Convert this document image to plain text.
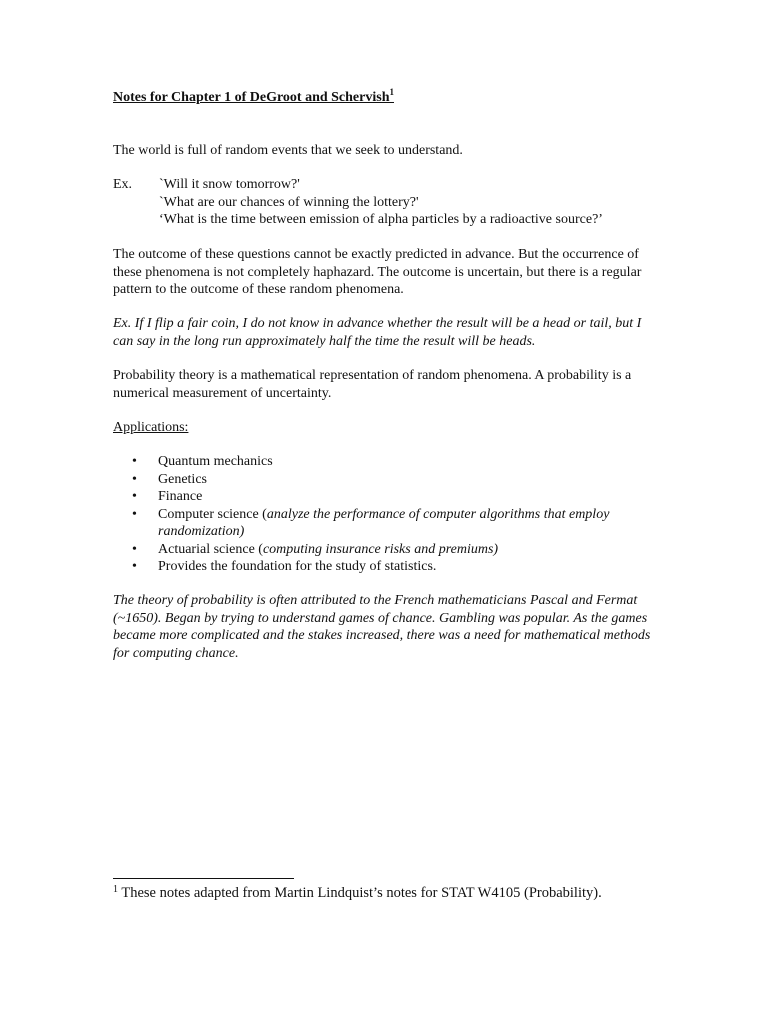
Notes for Chapter 1 of DeGroot and Schervish$^1$

The world is full of random events that we seek to understand.

Ex.	`Will it snow tomorrow?'
`What are our chances of winning the lottery?'
‘What is the time between emission of alpha particles by a radioactive source?’

The outcome of these questions cannot be exactly predicted in advance. But the occurrence of these phenomena is not completely haphazard. The outcome is uncertain, but there is a regular pattern to the outcome of these random phenomena.

Ex. If I flip a fair coin, I do not know in advance whether the result will be a head or tail, but I can say in the long run approximately half the time the result will be heads.

Probability theory is a mathematical representation of random phenomena. A probability is a numerical measurement of uncertainty.

Applications:
• Quantum mechanics
• Genetics
• Finance
• Computer science (analyze the performance of computer algorithms that employ randomization)
• Actuarial science (computing insurance risks and premiums)
• Provides the foundation for the study of statistics.

The theory of probability is often attributed to the French mathematicians Pascal and Fermat (~1650). Began by trying to understand games of chance. Gambling was popular. As the games became more complicated and the stakes increased, there was a need for mathematical methods for computing chance.

$^1$ These notes adapted from Martin Lindquist’s notes for STAT W4105 (Probability).
